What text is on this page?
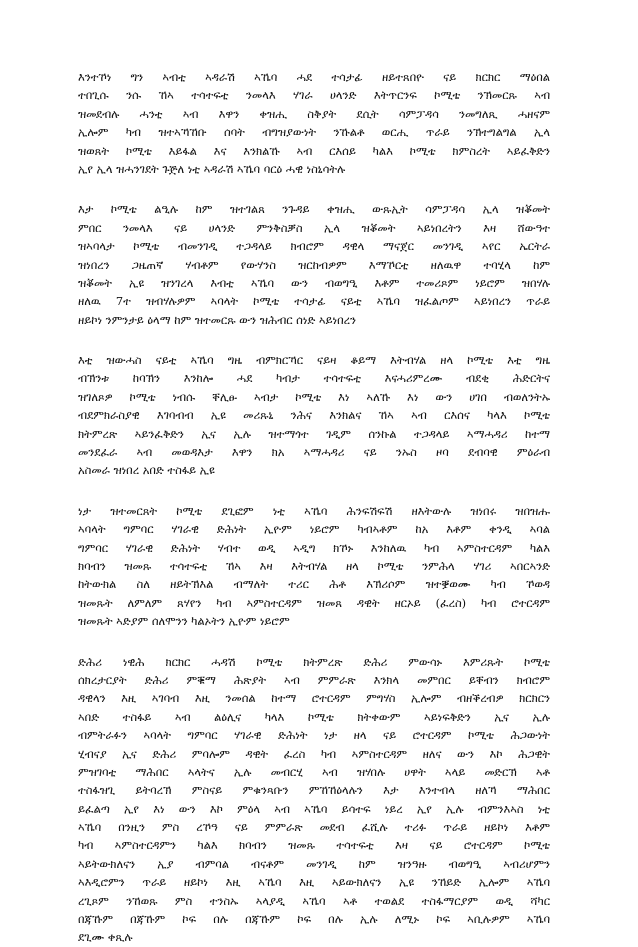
እንተኾነ ግን ኣብቲ ኣዳራሽ ኣኼባ ሓደ ተሳታፊ ዘይተጸበዮ ናይ ክርክር ማዕበል
ተበጊሱ ንሱ ኸኣ ተሳተፍቲ ንመላእ ሃገራ ሀላንድ እትጥርንፍ ኮሚቴ ንኽመርጹ ኣብ
ዝመደብሉ ሓንቲ ኣብ እዋን ቀዝሒ ስቅያት ደሲት ሳምፓዳሳ ንመግለጺ ሓዘናም
ኢሎም ካብ ዝተኣኻኸቡ ሰባት ብግዝያውነት ንኹልቶ ወርሒ ጥራይ ንኽተግልግል ኢላ
ዝወጸት ኮሚቴ እይፋል እና እንክልኹ ኣብ ርእሰይ ካልእ ኮሚቴ ክምስረት ኣይፈቅድን
ኢየ ኢላ ዝሓንገደት ጉጅለ ነቲ ኣዳራሽ ኣኼባ ባርዕ ሓዊ ነስኒሳትሉ
እታ ኮሚቴ ልዒሉ ከም ዝተገልጸ ንጉዳይ ቀዝሒ ውጹኢት ሳምፓዳሳ ኢላ ዝቖመት
ምበር ንመላእ ናይ ሀላንድ ምንቅስቓስ ኢላ ዝቖመት ኣይነበረትን እዛ ሸውዓተ
ዝኣባላታ ኮሚቴ ብመንገዲ ተጋዳላይ ክብሮም ዳዊላ ማናጀር መንገዲ ኣየር ኤርትራ
ዝነበረን ጋዜጠኛ ሃብቶም የውሃንስ ዝርከብዎም እማኾርቲ ዘለዉዋ ተባሂላ ከም
ዝቖመት ኢዩ ዝንገረላ እብቲ ኣኼባ ውን ብወግዒ እቶም ተመሪጾም ነይሮም ዝበሃሉ
ዘለዉ 7ተ ዝብሃሉዎም ኣባላት ኮሚቴ ተሳታፊ ናይቲ ኣኼባ ዝፈልጦም ኣይነበረን ጥራይ
ዘይኮነ ንምንታይ ዕላማ ከም ዝተመርጹ ውን ዝሕብር ሰነድ ኣይነበረን
እቲ ዝውሓስ ናይቲ ኣኼባ ግዜ ብምክርኻር ናይዛ ቆይማ እትብሃል ዘላ ኮሚቴ እቲ ግዜ
ብኽንቱ ከባኽን እንከሎ ሓደ ካብታ ተሳተፍቲ እናሓሪምረሙ ብደቂ ሕድርትና
ዝገለጾዎ ኮሚቴ ነብሱ ቐሊፁ ኣብታ ኮሚቴ እነ ኣለኹ እነ ውን ሀገበ ብወለንትኡ
ብደምክራስያዊ እገባብብ ኢዩ መሪጹኒ ንሕና እንክልና ኸኣ ኣብ ርእሰና ካላእ ኮሚቴ
ክትምረጽ ኣይንፈቅድን ኢና ኢሉ ዝተማጎተ ገዲም ሰንኩል ተጋዳላይ ኣማሓዳሪ ከተማ
መንደፈራ ኣብ መወዳእታ እዋን ክአ ኣማሓዳሪ ናይ ንኡስ ዞባ ደብባዊ ምዕራብ
አስመራ ዝነበረ አበድ ተስፋይ ኢዩ
ነታ ዝተመርጸት ኮሚቴ ደጊፎም ነቲ ኣኼባ ሕንፍሽፍሽ ዘእትውሉ ዝነበሩ ዝበዝሑ
ኣባላት ግምባር ሃገራዊ ድሕነት ኢዮም ነይሮም ካብኣቶም ከአ እቶም ቀንዲ ኣባል
ግምባር ሃገራዊ ድሕነት ሃብተ ወዲ ኣዲግ ክኾኑ እንከለዉ ካብ ኣምስተርዳም ካልእ
ክባብን ዝመጹ ተሳተፍቲ ኸኣ እዛ እትብሃል ዘላ ኮሚቴ ንምሕላ ሃገሪ ኣበርኣንድ
ከትውክል ስለ ዘይትኽእል ብማለት ተሪር ሕቶ እኽሪሶም ዝተቛወሙ ካብ ኾወዳ
ዝመጹት ለምለም ጸሃየን ካብ ኣምስተርዳም ዝመጸ ዳዊት ዘርኦይ (ፈረስ) ካብ ሮተርዳም
ዝመጹት ኣድያም ሰለሞንን ካልኦትን ኢዮም ነይሮም
ድሕሪ ነዊሕ ክርክር ሓዳሽ ኮሚቴ ክትምረጽ ድሕሪ ምውሳኑ እምሪጹት ኮሚቴ
ሰክረታርያት ድሕሪ ምቑማ ሕጽያት ኣብ ምምራጽ እንክላ መምበር ይቐብን ክብሮም
ዳዊላን እዚ ኣገባብ እዚ ንመሰል ከተማ ሮተርዳም ምግሃስ ኢሎም ብዘቕረብዎ ክርክርን
ኣበድ ተስፋይ ኣብ ልዕሊና ካላእ ኮሚቴ ክትቀውም ኣይነፍቅድን ኢና ኢሉ
ብምትራፉን ኣባላት ግምባር ሃገራዊ ድሕነት ነታ ዘላ ናይ ሮተርዳም ኮሚቴ ሕጋውነት
ሂብናያ ኢና ድሕሪ ምባሎም ዳዊት ፈረስ ካብ ኣምስተርዳም ዘለና ውን እኮ ሕጋዊት
ምዝገባቲ ማሕበር ኣላትና ኢሉ መብርሂ ኣብ ዝሃበሉ ሀዋት ኣላይ መድርኽ ኣቶ
ተስፋዝጊ ይትባረኽ ምስናይ ምቁንጻቡን ምኸኸዕላሉን እታ እንተብላ ዘለኻ ማሕበር
ይፈልጣ ኢየ እነ ውን እኮ ምዕላ ኣብ ኣኼባ ይሳተፍ ነይረ ኢየ ኢሉ ብምንእኣስ ነቲ
ኣኼባ በንዚን ምስ ረኾዓ ናይ ምምራጽ መደብ ፈሺሉ ተሪፉ ጥራይ ዘይኮነ እቶም
ካብ ኣምስተርዳምን ካልእ ክባብን ዝመጹ ተሳተፍቲ እዛ ናይ ሮተርዳም ኮሚቴ
ኣይትውክለናን ኢያ ብምባል ብናቶም መንገዲ ከም ዝንዓዙ ብወግዒ ኣብሪሆምን
ኣእዲሮምን ጥራይ ዘይኮነ እዚ ኣኼባ እዚ ኣይውክለናን ኢዩ ንኸይድ ኢሎም ኣኼባ
ረጊጾም ንኸወጹ ምስ ተንስኡ ኣላያዲ ኣኼባ ኣቶ ተወልደ ተስፋማርያም ወዲ ሻካር
በጃኹም በጃኹም ኮፍ በሉ በጃኹም ኮፍ በሉ ኢሉ ለሚኑ ኮፍ ኣቢሉዎም ኣኼባ
ደጊሙ ቀጺሉ
